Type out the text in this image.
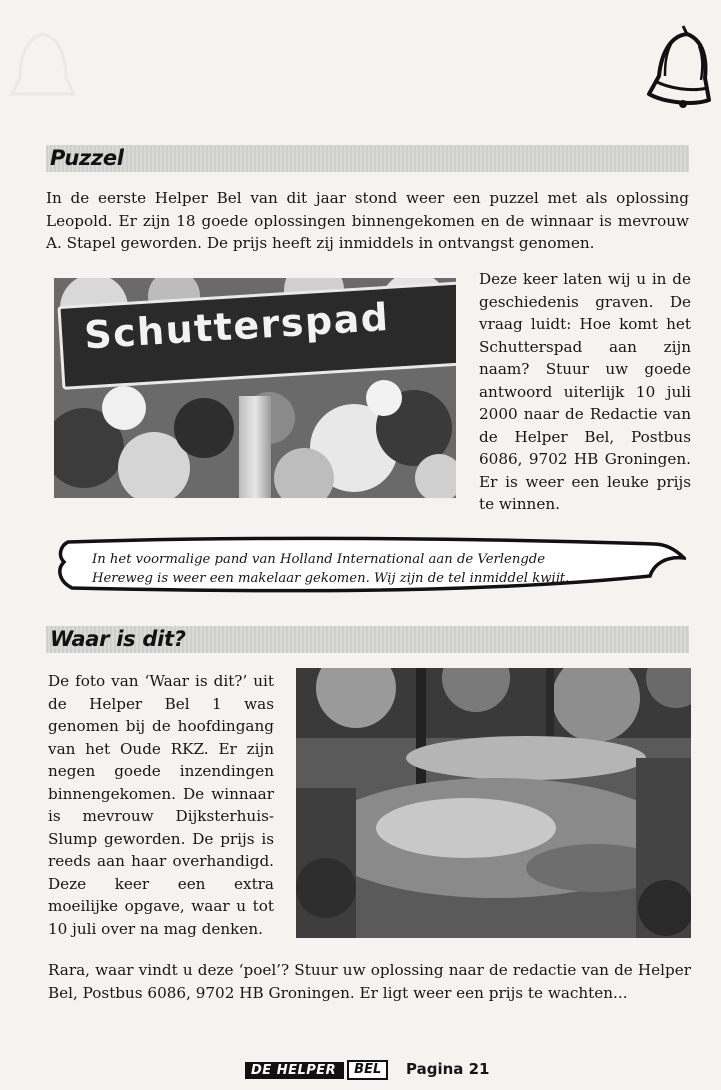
Puzzel
In de eerste Helper Bel van dit jaar stond weer een puzzel met als oplossing Leopold. Er zijn 18 goede oplossingen binnengekomen en de winnaar is mevrouw A. Stapel geworden. De prijs heeft zij inmiddels in ontvangst genomen.
Schutterspad
Deze keer laten wij u in de geschiedenis graven. De vraag luidt: Hoe komt het Schutterspad aan zijn naam? Stuur uw goede antwoord uiterlijk 10 juli 2000 naar de Redactie van de Helper Bel, Postbus 6086, 9702 HB Groningen. Er is weer een leuke prijs te winnen.
In het voormalige pand van Holland International aan de Verlengde Hereweg is weer een makelaar gekomen. Wij zijn de tel inmiddel kwijt.
Waar is dit?
De foto van ‘Waar is dit?’ uit de Helper Bel 1 was genomen bij de hoofdingang van het Oude RKZ. Er zijn negen goede inzendingen binnengekomen. De winnaar is mevrouw Dijksterhuis-Slump geworden. De prijs is reeds aan haar overhandigd. Deze keer een extra moeilijke opgave, waar u tot 10 juli over na mag denken.
Rara, waar vindt u deze ‘poel’? Stuur uw oplossing naar de redactie van de Helper Bel, Postbus 6086, 9702 HB Groningen. Er ligt weer een prijs te wachten...
DE HELPER	BEL	Pagina 21
